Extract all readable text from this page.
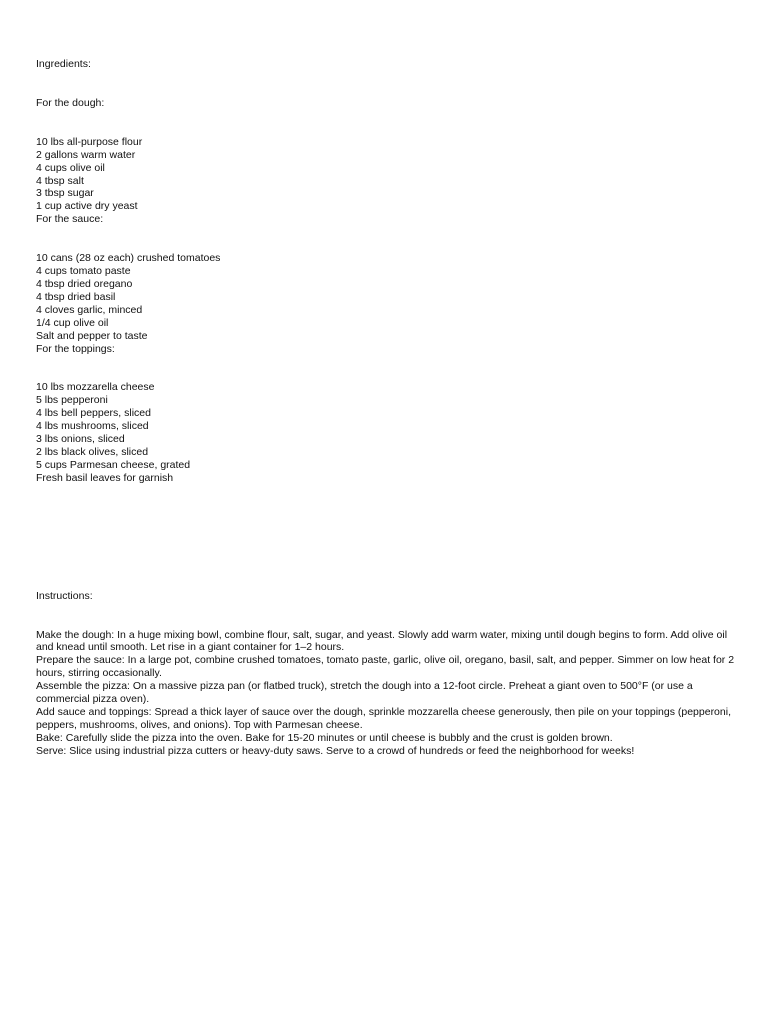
Ingredients:
For the dough:
10 lbs all-purpose flour
2 gallons warm water
4 cups olive oil
4 tbsp salt
3 tbsp sugar
1 cup active dry yeast
For the sauce:
10 cans (28 oz each) crushed tomatoes
4 cups tomato paste
4 tbsp dried oregano
4 tbsp dried basil
4 cloves garlic, minced
1/4 cup olive oil
Salt and pepper to taste
For the toppings:
10 lbs mozzarella cheese
5 lbs pepperoni
4 lbs bell peppers, sliced
4 lbs mushrooms, sliced
3 lbs onions, sliced
2 lbs black olives, sliced
5 cups Parmesan cheese, grated
Fresh basil leaves for garnish
Instructions:
Make the dough: In a huge mixing bowl, combine flour, salt, sugar, and yeast. Slowly add warm water, mixing until dough begins to form. Add olive oil and knead until smooth. Let rise in a giant container for 1–2 hours.
Prepare the sauce: In a large pot, combine crushed tomatoes, tomato paste, garlic, olive oil, oregano, basil, salt, and pepper. Simmer on low heat for 2 hours, stirring occasionally.
Assemble the pizza: On a massive pizza pan (or flatbed truck), stretch the dough into a 12-foot circle. Preheat a giant oven to 500°F (or use a commercial pizza oven).
Add sauce and toppings: Spread a thick layer of sauce over the dough, sprinkle mozzarella cheese generously, then pile on your toppings (pepperoni, peppers, mushrooms, olives, and onions). Top with Parmesan cheese.
Bake: Carefully slide the pizza into the oven. Bake for 15-20 minutes or until cheese is bubbly and the crust is golden brown.
Serve: Slice using industrial pizza cutters or heavy-duty saws. Serve to a crowd of hundreds or feed the neighborhood for weeks!
